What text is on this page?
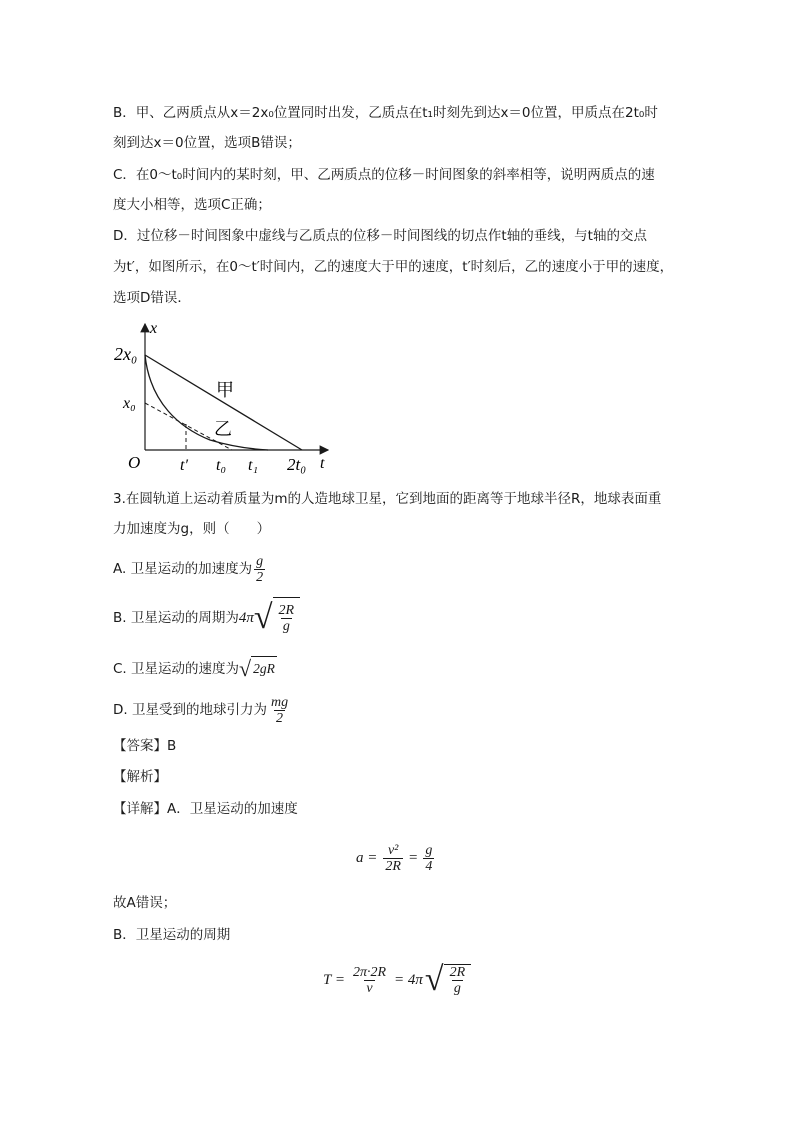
B．甲、乙两质点从x＝2x₀位置同时出发，乙质点在t₁时刻先到达x＝0位置，甲质点在2t₀时
刻到达x＝0位置，选项B错误；
C．在0～t₀时间内的某时刻，甲、乙两质点的位移－时间图象的斜率相等，说明两质点的速
度大小相等，选项C正确；
D．过位移－时间图象中虚线与乙质点的位移－时间图线的切点作t轴的垂线，与t轴的交点
为t′，如图所示，在0～t′时间内，乙的速度大于甲的速度，t′时刻后，乙的速度小于甲的速度，
选项D错误．
x
2x₀
x₀
O t′ t₀ t₁ 2t₀ t
甲
乙
3.在圆轨道上运动着质量为m的人造地球卫星，它到地面的距离等于地球半径R，地球表面重
力加速度为g，则（　　）
A. 卫星运动的加速度为 $\frac{g}{2}$
B. 卫星运动的周期为 4π √ $\frac{2R}{g}$
C. 卫星运动的速度为 √ 2gR
D. 卫星受到的地球引力为 $\frac{mg}{2}$
【答案】B
【解析】
【详解】A．卫星运动的加速度
$a = \frac{\text{v²}}{2R} = \frac{g}{4}$
故A错误；
B．卫星运动的周期
$T = \frac{2\pi\cdot 2R}{v} = 4\pi$ √ $\frac{2R}{g}$
